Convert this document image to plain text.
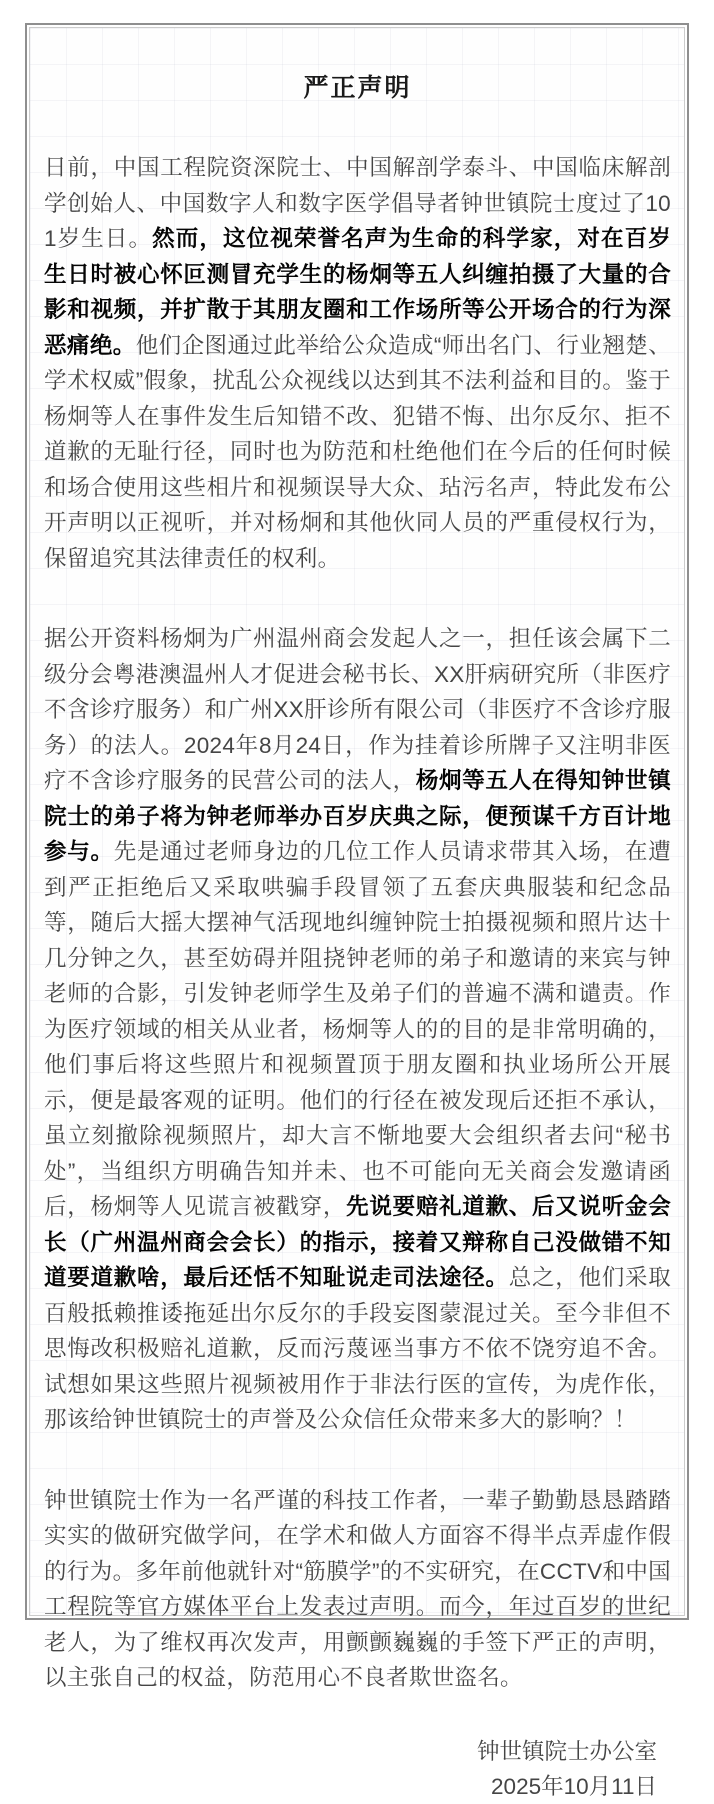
严正声明

日前，中国工程院资深院士、中国解剖学泰斗、中国临床解剖学创始人、中国数字人和数字医学倡导者钟世镇院士度过了101岁生日。然而，这位视荣誉名声为生命的科学家，对在百岁生日时被心怀叵测冒充学生的杨炯等五人纠缠拍摄了大量的合影和视频，并扩散于其朋友圈和工作场所等公开场合的行为深恶痛绝。他们企图通过此举给公众造成“师出名门、行业翘楚、学术权威”假象，扰乱公众视线以达到其不法利益和目的。鉴于杨炯等人在事件发生后知错不改、犯错不悔、出尔反尔、拒不道歉的无耻行径，同时也为防范和杜绝他们在今后的任何时候和场合使用这些相片和视频误导大众、玷污名声，特此发布公开声明以正视听，并对杨炯和其他伙同人员的严重侵权行为，保留追究其法律责任的权利。

据公开资料杨炯为广州温州商会发起人之一，担任该会属下二级分会粤港澳温州人才促进会秘书长、XX肝病研究所（非医疗不含诊疗服务）和广州XX肝诊所有限公司（非医疗不含诊疗服务）的法人。2024年8月24日，作为挂着诊所牌子又注明非医疗不含诊疗服务的民营公司的法人，杨炯等五人在得知钟世镇院士的弟子将为钟老师举办百岁庆典之际，便预谋千方百计地参与。先是通过老师身边的几位工作人员请求带其入场，在遭到严正拒绝后又采取哄骗手段冒领了五套庆典服装和纪念品等，随后大摇大摆神气活现地纠缠钟院士拍摄视频和照片达十几分钟之久，甚至妨碍并阻挠钟老师的弟子和邀请的来宾与钟老师的合影，引发钟老师学生及弟子们的普遍不满和谴责。作为医疗领域的相关从业者，杨炯等人的的目的是非常明确的，他们事后将这些照片和视频置顶于朋友圈和执业场所公开展示，便是最客观的证明。他们的行径在被发现后还拒不承认，虽立刻撤除视频照片，却大言不惭地要大会组织者去问“秘书处”，当组织方明确告知并未、也不可能向无关商会发邀请函后，杨炯等人见谎言被戳穿，先说要赔礼道歉、后又说听金会长（广州温州商会会长）的指示，接着又辩称自己没做错不知道要道歉啥，最后还恬不知耻说走司法途径。总之，他们采取百般抵赖推诿拖延出尔反尔的手段妄图蒙混过关。至今非但不思悔改积极赔礼道歉，反而污蔑诬当事方不依不饶穷追不舍。试想如果这些照片视频被用作于非法行医的宣传，为虎作伥，那该给钟世镇院士的声誉及公众信任众带来多大的影响？！

钟世镇院士作为一名严谨的科技工作者，一辈子勤勤恳恳踏踏实实的做研究做学问，在学术和做人方面容不得半点弄虚作假的行为。多年前他就针对“筋膜学”的不实研究，在CCTV和中国工程院等官方媒体平台上发表过声明。而今，年过百岁的世纪老人，为了维权再次发声，用颤颤巍巍的手签下严正的声明，以主张自己的权益，防范用心不良者欺世盗名。

钟世镇院士办公室
2025年10月11日
